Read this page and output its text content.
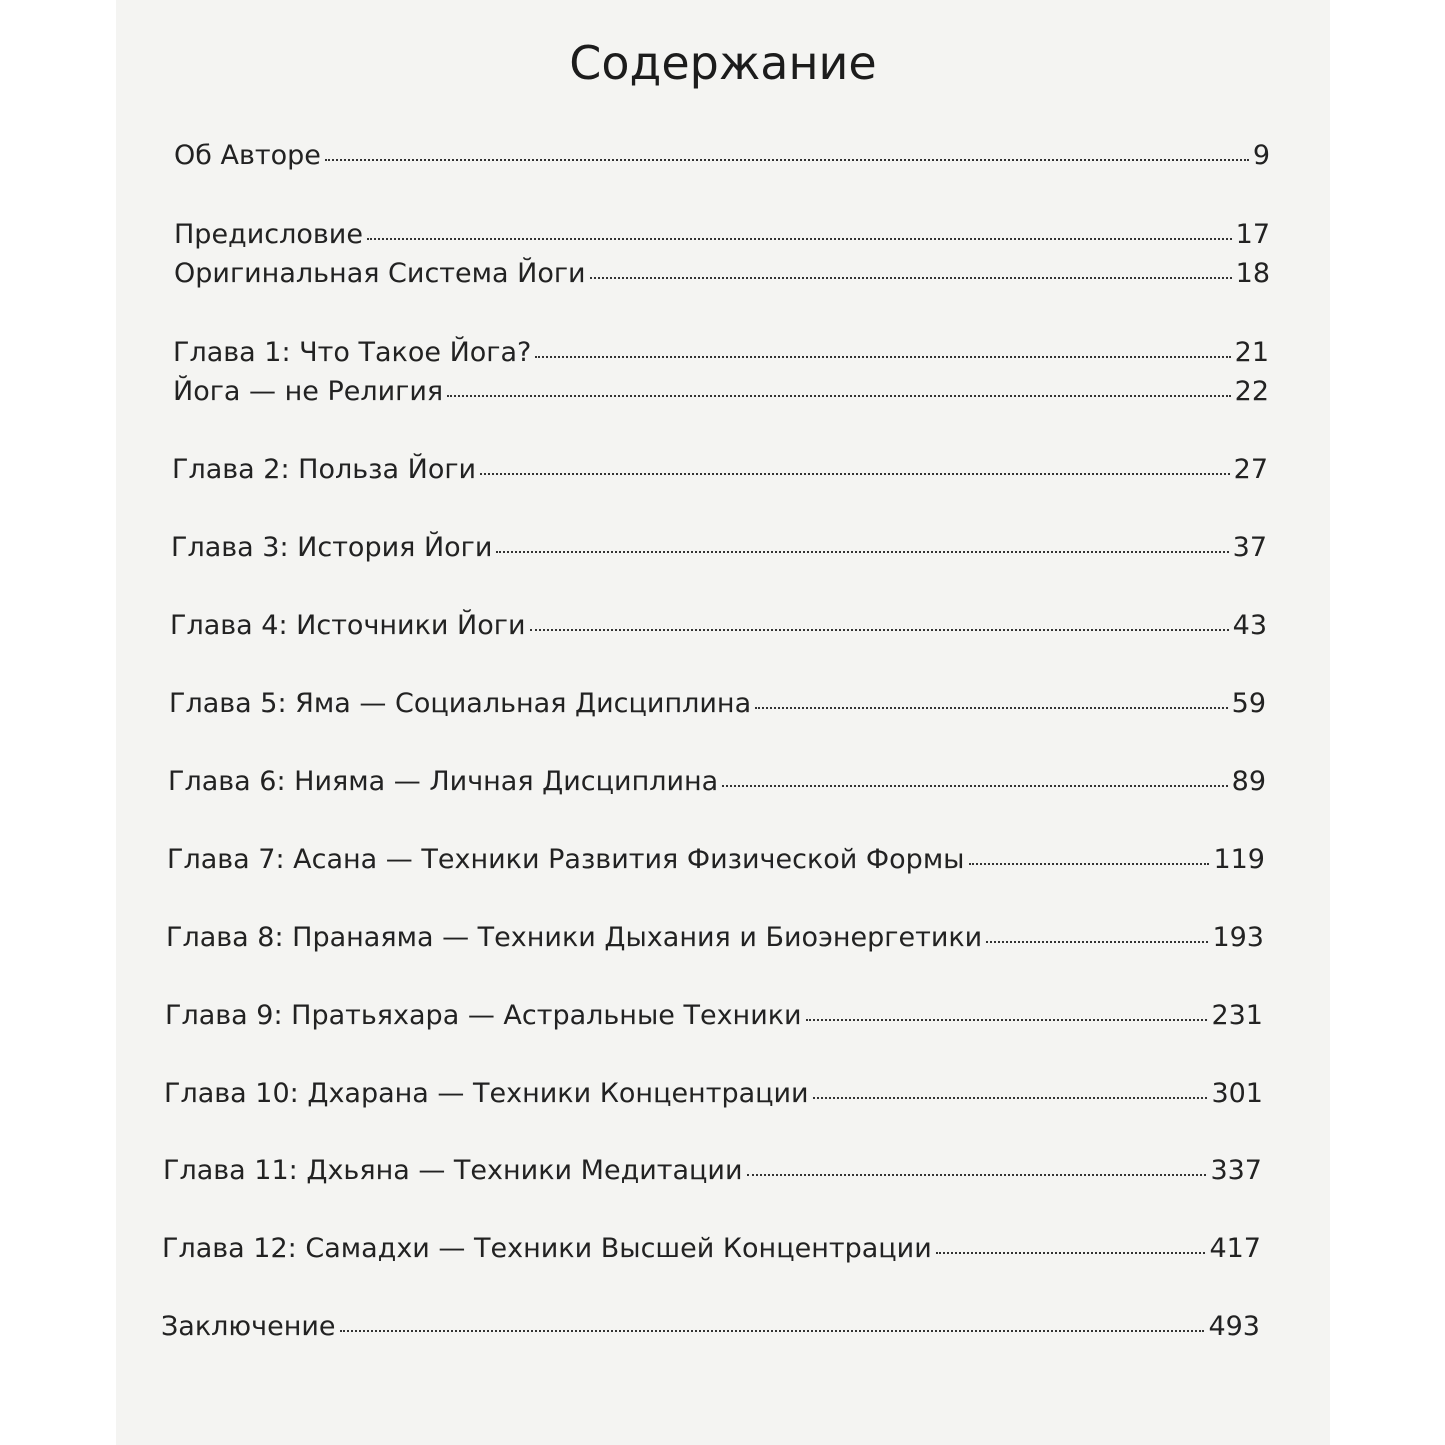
Содержание
Об Авторе	9
Предисловие	17
Оригинальная Система Йоги	18
Глава 1: Что Такое Йога?	21
Йога — не Религия	22
Глава 2: Польза Йоги	27
Глава 3: История Йоги	37
Глава 4: Источники Йоги	43
Глава 5: Яма — Социальная Дисциплина	59
Глава 6: Нияма — Личная Дисциплина	89
Глава 7: Асана — Техники Развития Физической Формы	119
Глава 8: Пранаяма — Техники Дыхания и Биоэнергетики	193
Глава 9: Пратьяхара — Астральные Техники	231
Глава 10: Дхарана — Техники Концентрации	301
Глава 11: Дхьяна — Техники Медитации	337
Глава 12: Самадхи — Техники Высшей Концентрации	417
Заключение	493
